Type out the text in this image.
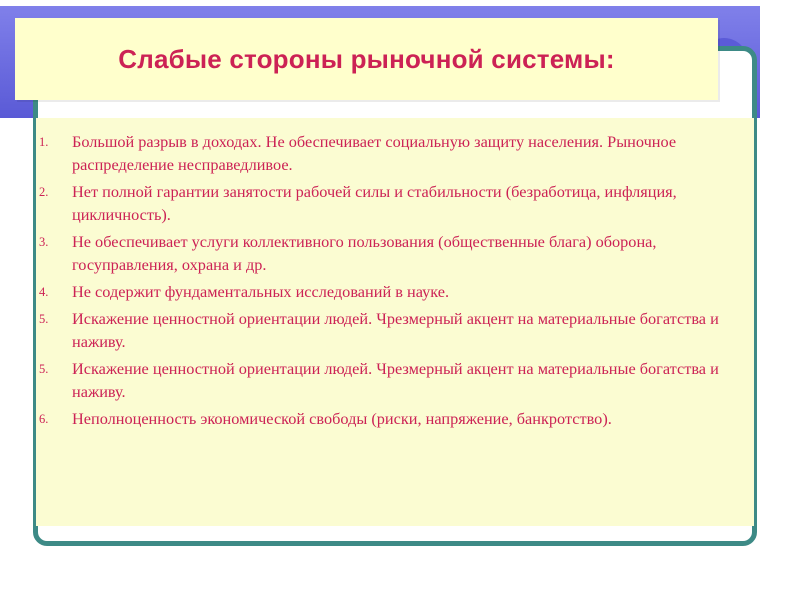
Слабые стороны рыночной системы:
1. Большой разрыв в доходах. Не обеспечивает социальную защиту населения. Рыночное распределение несправедливое.
2. Нет полной гарантии занятости рабочей силы и стабильности (безработица, инфляция, цикличность).
3. Не обеспечивает услуги коллективного пользования (общественные блага) оборона, госуправления, охрана и др.
4. Не содержит фундаментальных исследований в науке.
5. Искажение ценностной ориентации людей. Чрезмерный акцент на материальные богатства и наживу.
5. Искажение ценностной ориентации людей. Чрезмерный акцент на материальные богатства и наживу.
6. Неполноценность экономической свободы (риски, напряжение, банкротство).
